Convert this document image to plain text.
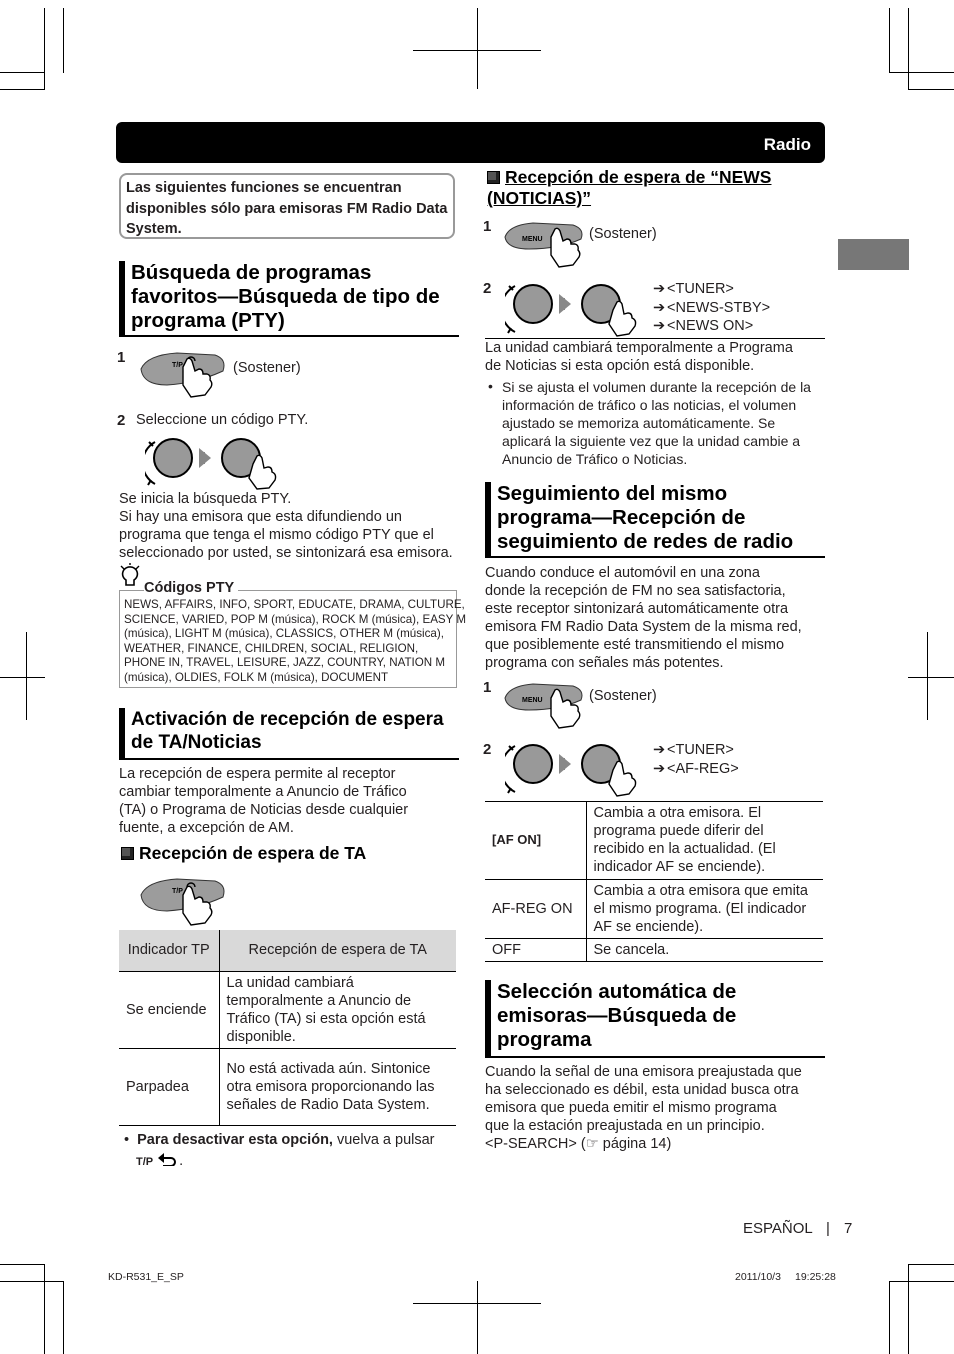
Radio
Las siguientes funciones se encuentran disponibles sólo para emisoras FM Radio Data System.
Búsqueda de programas favoritos—Búsqueda de tipo de programa (PTY)
1	T/P	(Sostener)
2 Seleccione un código PTY.
Se inicia la búsqueda PTY.
Si hay una emisora que esta difundiendo un
programa que tenga el mismo código PTY que el
seleccionado por usted, se sintonizará esa emisora.
Códigos PTY
NEWS, AFFAIRS, INFO, SPORT, EDUCATE, DRAMA, CULTURE,
SCIENCE, VARIED, POP M (música), ROCK M (música), EASY M
(música), LIGHT M (música), CLASSICS, OTHER M (música),
WEATHER, FINANCE, CHILDREN, SOCIAL, RELIGION,
PHONE IN, TRAVEL, LEISURE, JAZZ, COUNTRY, NATION M
(música), OLDIES, FOLK M (música), DOCUMENT
Activación de recepción de espera de TA/Noticias
La recepción de espera permite al receptor
cambiar temporalmente a Anuncio de Tráfico
(TA) o Programa de Noticias desde cualquier
fuente, a excepción de AM.
Recepción de espera de TA
T/P
Indicador TP	Recepción de espera de TA
Se enciende	La unidad cambiará temporalmente a Anuncio de Tráfico (TA) si esta opción está disponible.
Parpadea	No está activada aún. Sintonice otra emisora proporcionando las señales de Radio Data System.
• Para desactivar esta opción, vuelva a pulsar
T/P .
Recepción de espera de “NEWS (NOTICIAS)”
1
MENU	(Sostener)
2	➔ <TUNER>
➔ <NEWS-STBY>
➔ <NEWS ON>
La unidad cambiará temporalmente a Programa
de Noticias si esta opción está disponible.
• Si se ajusta el volumen durante la recepción de la
información de tráfico o las noticias, el volumen
ajustado se memoriza automáticamente. Se
aplicará la siguiente vez que la unidad cambie a
Anuncio de Tráfico o Noticias.
Seguimiento del mismo programa—Recepción de seguimiento de redes de radio
Cuando conduce el automóvil en una zona
donde la recepción de FM no sea satisfactoria,
este receptor sintonizará automáticamente otra
emisora FM Radio Data System de la misma red,
que posiblemente esté transmitiendo el mismo
programa con señales más potentes.
1
MENU	(Sostener)
2	➔ <TUNER>
➔ <AF-REG>
[AF ON]	Cambia a otra emisora. El programa puede diferir del recibido en la actualidad. (El indicador AF se enciende).
AF-REG ON	Cambia a otra emisora que emita el mismo programa. (El indicador AF se enciende).
OFF	Se cancela.
Selección automática de emisoras—Búsqueda de programa
Cuando la señal de una emisora preajustada que
ha seleccionado es débil, esta unidad busca otra
emisora que pueda emitir el mismo programa
que la estación preajustada en un principio.
<P-SEARCH> (☞ página 14)
ESPAÑOL | 7
KD-R531_E_SP	2011/10/3 19:25:28
